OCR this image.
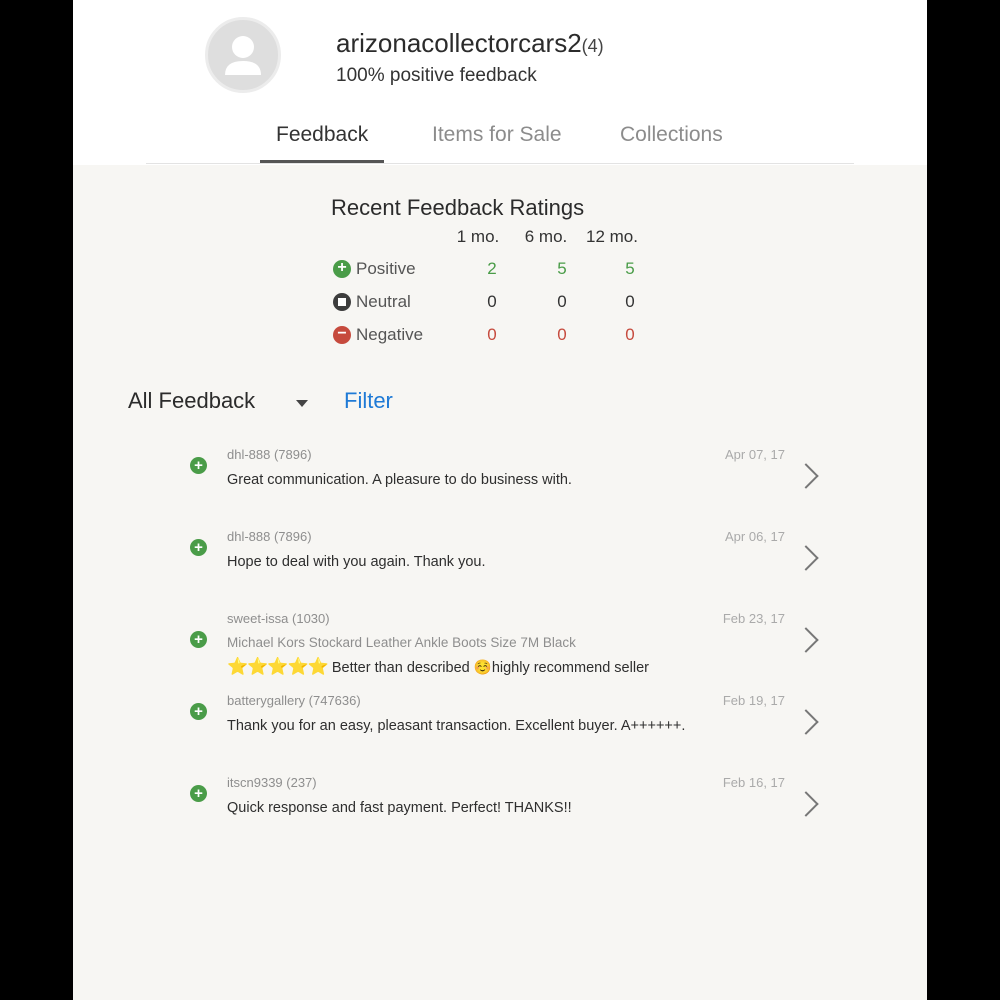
arizonacollectorcars2(4)
100% positive feedback
Feedback	Items for Sale	Collections
Recent Feedback Ratings
1 mo.	6 mo.	12 mo.
+ Positive	2	5	5
Neutral	0	0	0
− Negative	0	0	0
All Feedback	Filter
+
dhl-888 (7896)	Apr 07, 17
Great communication. A pleasure to do business with.
+
dhl-888 (7896)	Apr 06, 17
Hope to deal with you again. Thank you.
+
sweet-issa (1030)	Feb 23, 17
Michael Kors Stockard Leather Ankle Boots Size 7M Black
⭐⭐⭐⭐⭐ Better than described ☺️highly recommend seller
+
batterygallery (747636)	Feb 19, 17
Thank you for an easy, pleasant transaction. Excellent buyer. A++++++.
+
itscn9339 (237)	Feb 16, 17
Quick response and fast payment. Perfect! THANKS!!
